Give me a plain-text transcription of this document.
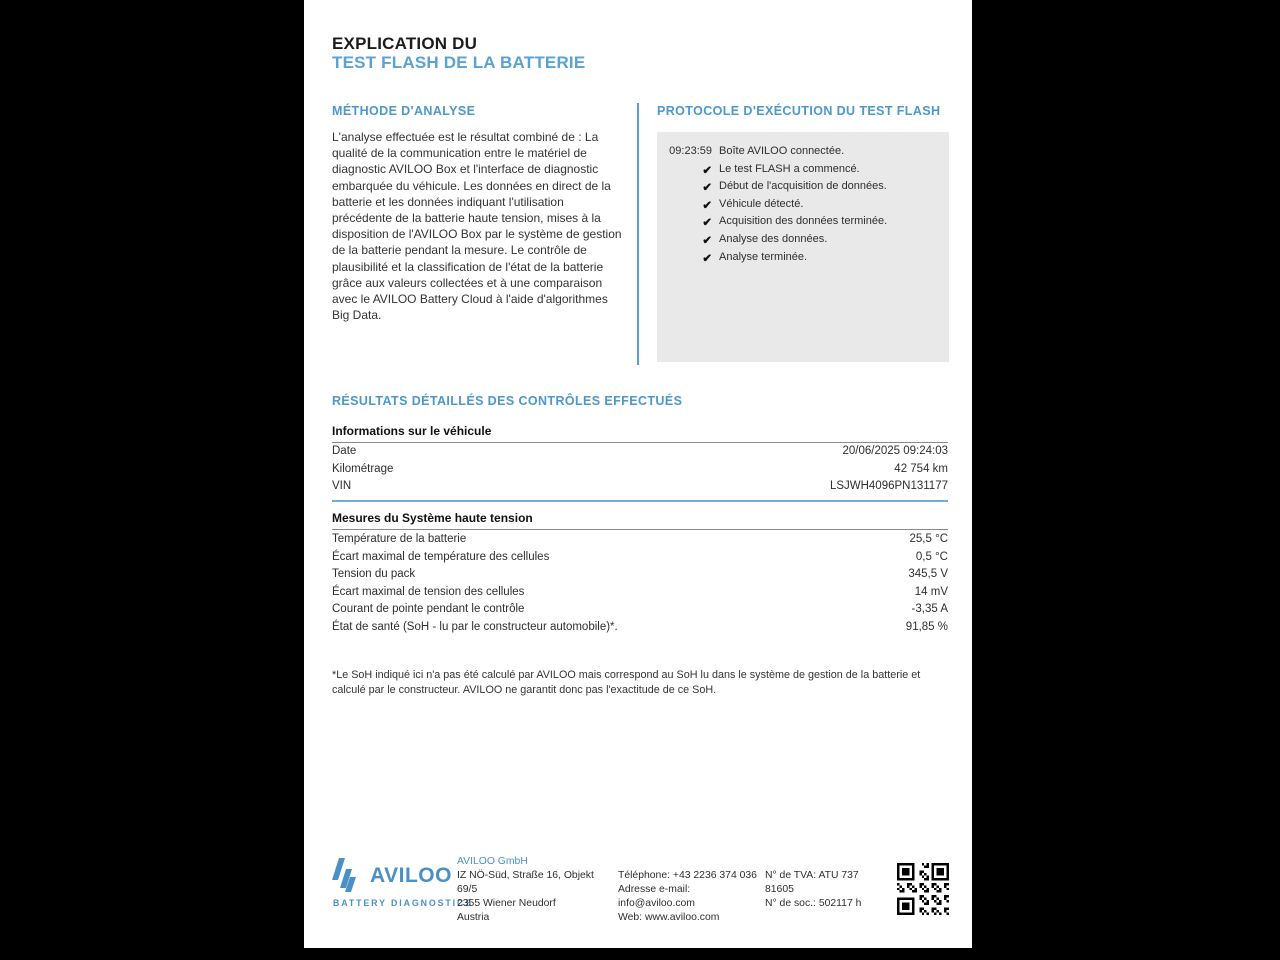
EXPLICATION DU
TEST FLASH DE LA BATTERIE
MÉTHODE D'ANALYSE
L'analyse effectuée est le résultat combiné de : La qualité de la communication entre le matériel de diagnostic AVILOO Box et l'interface de diagnostic embarquée du véhicule. Les données en direct de la batterie et les données indiquant l'utilisation précédente de la batterie haute tension, mises à la disposition de l'AVILOO Box par le système de gestion de la batterie pendant la mesure. Le contrôle de plausibilité et la classification de l'état de la batterie grâce aux valeurs collectées et à une comparaison avec le AVILOO Battery Cloud à l'aide d'algorithmes Big Data.
PROTOCOLE D'EXÉCUTION DU TEST FLASH
09:23:59 Boîte AVILOO connectée.
✔ Le test FLASH a commencé.
✔ Début de l'acquisition de données.
✔ Véhicule détecté.
✔ Acquisition des données terminée.
✔ Analyse des données.
✔ Analyse terminée.
RÉSULTATS DÉTAILLÉS DES CONTRÔLES EFFECTUÉS
Informations sur le véhicule
Date	20/06/2025 09:24:03
Kilométrage	42 754 km
VIN	LSJWH4096PN131177
Mesures du Système haute tension
Température de la batterie	25,5 °C
Écart maximal de température des cellules	0,5 °C
Tension du pack	345,5 V
Écart maximal de tension des cellules	14 mV
Courant de pointe pendant le contrôle	-3,35 A
État de santé (SoH - lu par le constructeur automobile)*.	91,85 %
*Le SoH indiqué ici n'a pas été calculé par AVILOO mais correspond au SoH lu dans le système de gestion de la batterie et calculé par le constructeur. AVILOO ne garantit donc pas l'exactitude de ce SoH.
AVILOO
BATTERY DIAGNOSTICS
AVILOO GmbH
IZ NÖ-Süd, Straße 16, Objekt 69/5
2355 Wiener Neudorf
Austria
Téléphone: +43 2236 374 036
Adresse e-mail:
info@aviloo.com
Web: www.aviloo.com
N° de TVA: ATU 737 81605
N° de soc.: 502117 h
